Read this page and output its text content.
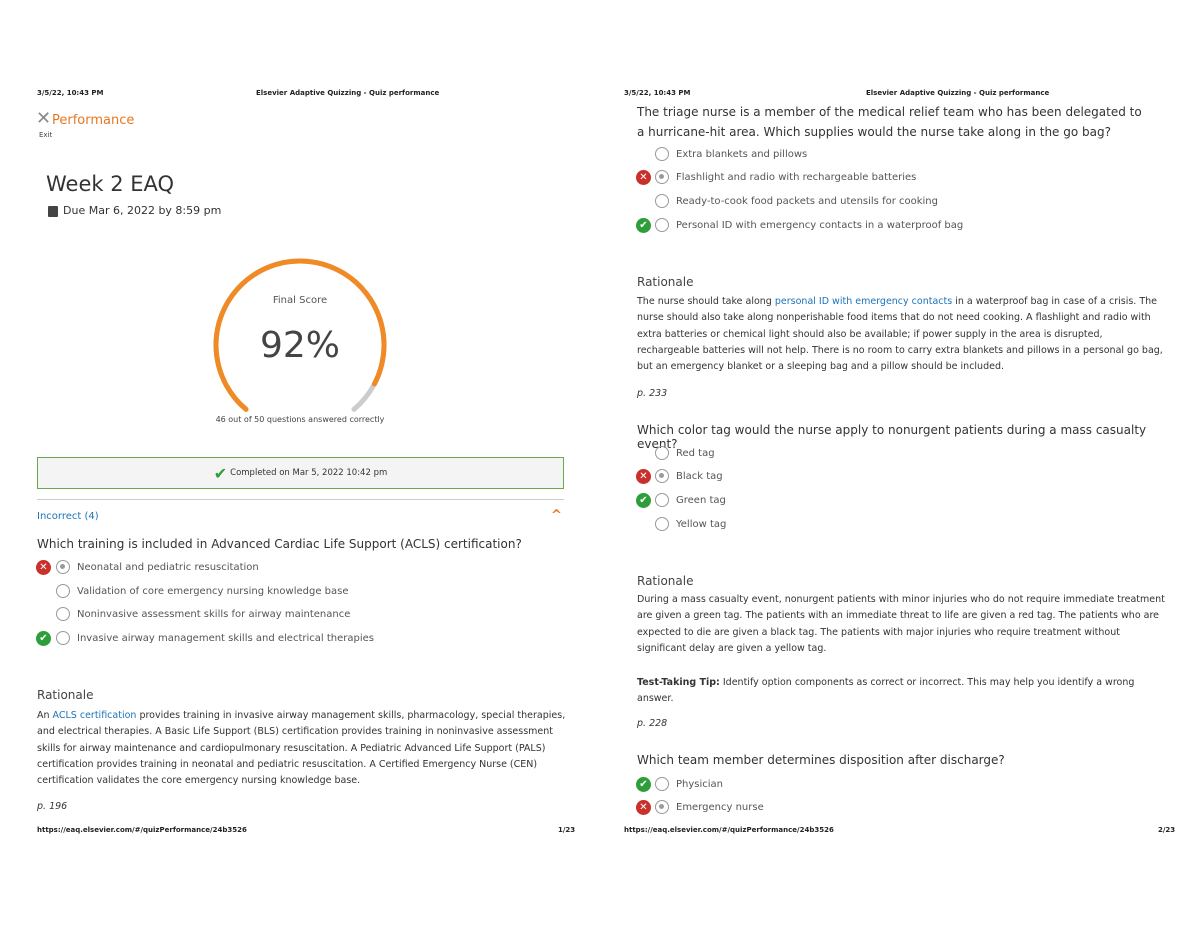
3/5/22, 10:43 PM	Elsevier Adaptive Quizzing - Quiz performance
✕ Performance
Exit
Week 2 EAQ
Due Mar 6, 2022 by 8:59 pm
Final Score
92%
46 out of 50 questions answered correctly
✔ Completed on Mar 5, 2022 10:42 pm
Incorrect (4)	^
Which training is included in Advanced Cardiac Life Support (ACLS) certification?
✕	Neonatal and pediatric resuscitation
Validation of core emergency nursing knowledge base
Noninvasive assessment skills for airway maintenance
✔	Invasive airway management skills and electrical therapies
Rationale
An ACLS certification provides training in invasive airway management skills, pharmacology, special therapies, and electrical therapies. A Basic Life Support (BLS) certification provides training in noninvasive assessment skills for airway maintenance and cardiopulmonary resuscitation. A Pediatric Advanced Life Support (PALS) certification provides training in neonatal and pediatric resuscitation. A Certified Emergency Nurse (CEN) certification validates the core emergency nursing knowledge base.
p. 196
https://eaq.elsevier.com/#/quizPerformance/24b3526	1/23
3/5/22, 10:43 PM	Elsevier Adaptive Quizzing - Quiz performance
The triage nurse is a member of the medical relief team who has been delegated to a hurricane-hit area. Which supplies would the nurse take along in the go bag?
Extra blankets and pillows
✕	Flashlight and radio with rechargeable batteries
Ready-to-cook food packets and utensils for cooking
✔	Personal ID with emergency contacts in a waterproof bag
Rationale
The nurse should take along personal ID with emergency contacts in a waterproof bag in case of a crisis. The nurse should also take along nonperishable food items that do not need cooking. A flashlight and radio with extra batteries or chemical light should also be available; if power supply in the area is disrupted, rechargeable batteries will not help. There is no room to carry extra blankets and pillows in a personal go bag, but an emergency blanket or a sleeping bag and a pillow should be included.
p. 233
Which color tag would the nurse apply to nonurgent patients during a mass casualty event?
Red tag
✕	Black tag
✔	Green tag
Yellow tag
Rationale
During a mass casualty event, nonurgent patients with minor injuries who do not require immediate treatment are given a green tag. The patients with an immediate threat to life are given a red tag. The patients who are expected to die are given a black tag. The patients with major injuries who require treatment without significant delay are given a yellow tag.
Test-Taking Tip: Identify option components as correct or incorrect. This may help you identify a wrong answer.
p. 228
Which team member determines disposition after discharge?
✔	Physician
✕	Emergency nurse
https://eaq.elsevier.com/#/quizPerformance/24b3526	2/23
